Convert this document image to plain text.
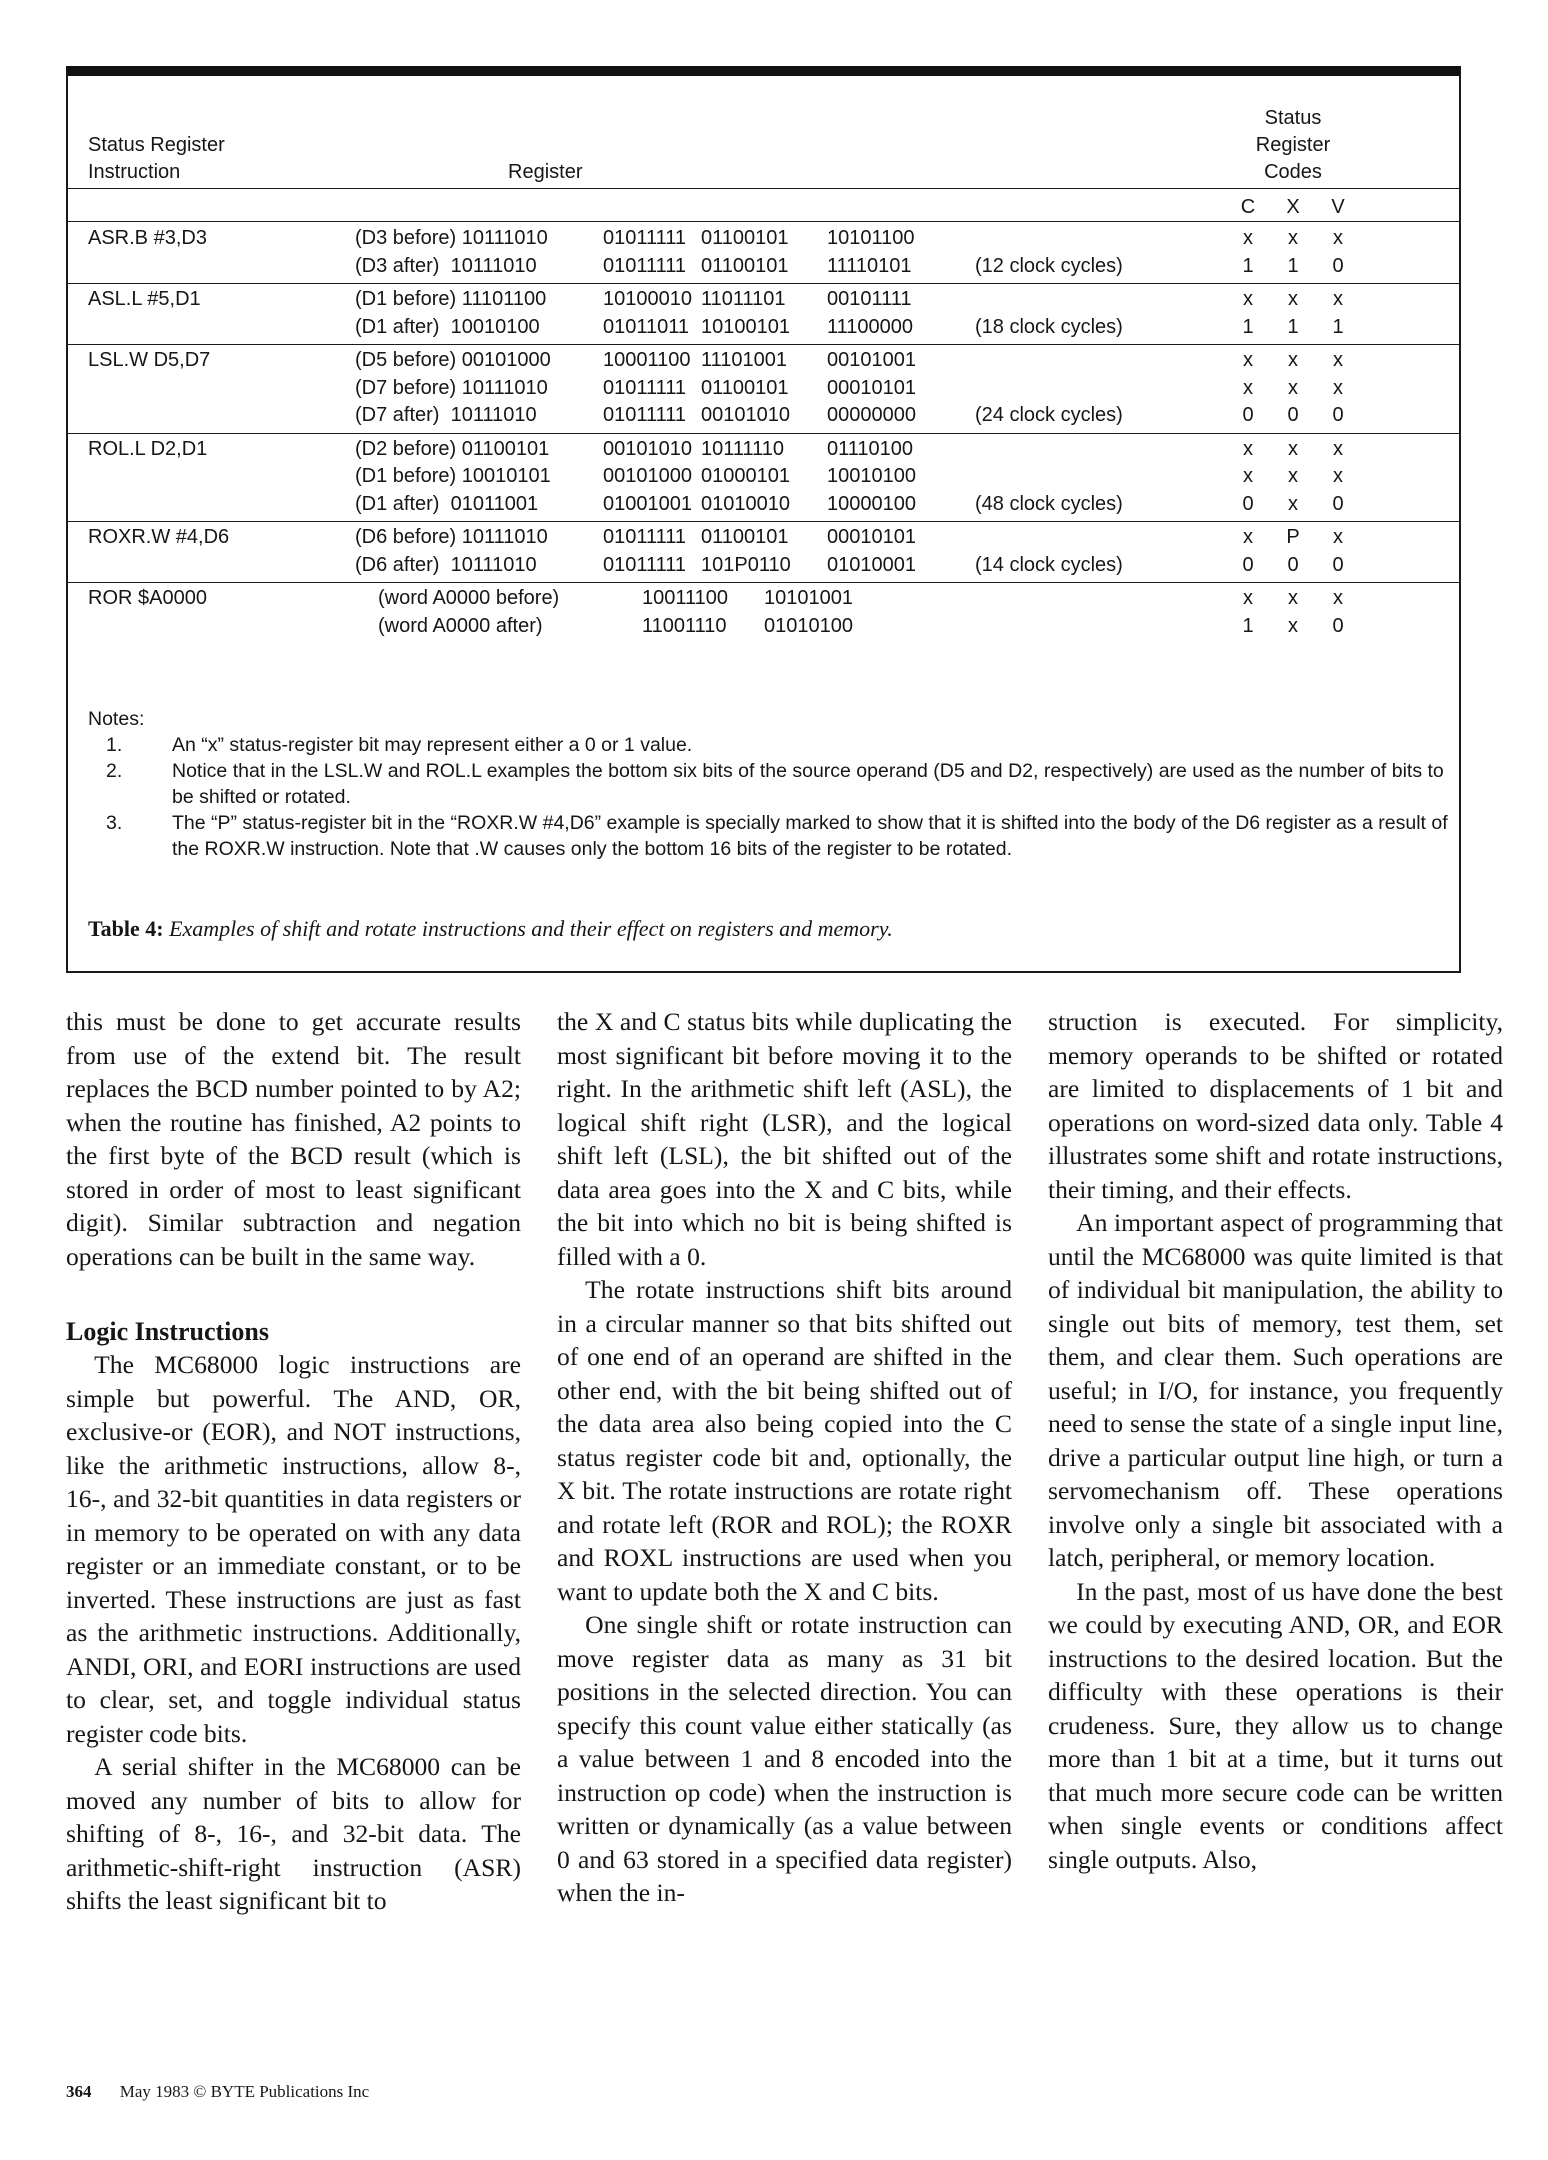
Status Register
Instruction	Register
Status
Register
Codes
C	X	V
ASR.B #3,D3	(D3 before) 10111010	01011111 01100101 10101100	x	x	x
(D3 after)  10111010	01011111 01100101 11110101	(12 clock cycles)	1	1	0
ASL.L #5,D1	(D1 before) 11101100	10100010 11011101 00101111	x	x	x
(D1 after)  10010100	01011011 10100101 11100000	(18 clock cycles)	1	1	1
LSL.W D5,D7	(D5 before) 00101000	10001100 11101001 00101001	x	x	x
(D7 before) 10111010	01011111 01100101 00010101	x	x	x
(D7 after)  10111010	01011111 00101010 00000000	(24 clock cycles)	0	0	0
ROL.L D2,D1	(D2 before) 01100101	00101010 10111110 01110100	x	x	x
(D1 before) 10010101	00101000 01000101 10010100	x	x	x
(D1 after)  01011001	01001001 01010010 10000100	(48 clock cycles)	0	x	0
ROXR.W #4,D6	(D6 before) 10111010	01011111 01100101 00010101	x	P	x
(D6 after)  10111010	01011111 101P0110 01010001	(14 clock cycles)	0	0	0
ROR $A0000	(word A0000 before)	10011100 10101001	x	x	x
(word A0000 after)	11001110 01010100	1	x	0
Notes:
1.	An “x” status-register bit may represent either a 0 or 1 value.
2.	Notice that in the LSL.W and ROL.L examples the bottom six bits of the source operand (D5 and D2, respectively) are used as the number of bits to be shifted or rotated.
3.	The “P” status-register bit in the “ROXR.W #4,D6” example is specially marked to show that it is shifted into the body of the D6 register as a result of the ROXR.W instruction. Note that .W causes only the bottom 16 bits of the register to be rotated.
Table 4: Examples of shift and rotate instructions and their effect on registers and memory.

this must be done to get accurate results from use of the extend bit. The result replaces the BCD number pointed to by A2; when the routine has finished, A2 points to the first byte of the BCD result (which is stored in order of most to least significant digit). Similar subtraction and negation operations can be built in the same way.

Logic Instructions

The MC68000 logic instructions are simple but powerful. The AND, OR, exclusive-or (EOR), and NOT instructions, like the arithmetic instructions, allow 8-, 16-, and 32-bit quantities in data registers or in memory to be operated on with any data register or an immediate constant, or to be inverted. These instructions are just as fast as the arithmetic instructions. Additionally, ANDI, ORI, and EORI instructions are used to clear, set, and toggle individual status register code bits.

A serial shifter in the MC68000 can be moved any number of bits to allow for shifting of 8-, 16-, and 32-bit data. The arithmetic-shift-right instruction (ASR) shifts the least significant bit to

the X and C status bits while duplicating the most significant bit before moving it to the right. In the arithmetic shift left (ASL), the logical shift right (LSR), and the logical shift left (LSL), the bit shifted out of the data area goes into the X and C bits, while the bit into which no bit is being shifted is filled with a 0.

The rotate instructions shift bits around in a circular manner so that bits shifted out of one end of an operand are shifted in the other end, with the bit being shifted out of the data area also being copied into the C status register code bit and, optionally, the X bit. The rotate instructions are rotate right and rotate left (ROR and ROL); the ROXR and ROXL instructions are used when you want to update both the X and C bits.

One single shift or rotate instruction can move register data as many as 31 bit positions in the selected direction. You can specify this count value either statically (as a value between 1 and 8 encoded into the instruction op code) when the instruction is written or dynamically (as a value between 0 and 63 stored in a specified data register) when the in-

struction is executed. For simplicity, memory operands to be shifted or rotated are limited to displacements of 1 bit and operations on word-sized data only. Table 4 illustrates some shift and rotate instructions, their timing, and their effects.

An important aspect of programming that until the MC68000 was quite limited is that of individual bit manipulation, the ability to single out bits of memory, test them, set them, and clear them. Such operations are useful; in I/O, for instance, you frequently need to sense the state of a single input line, drive a particular output line high, or turn a servomechanism off. These operations involve only a single bit associated with a latch, peripheral, or memory location.

In the past, most of us have done the best we could by executing AND, OR, and EOR instructions to the desired location. But the difficulty with these operations is their crudeness. Sure, they allow us to change more than 1 bit at a time, but it turns out that much more secure code can be written when single events or conditions affect single outputs. Also,

364 May 1983 © BYTE Publications Inc
